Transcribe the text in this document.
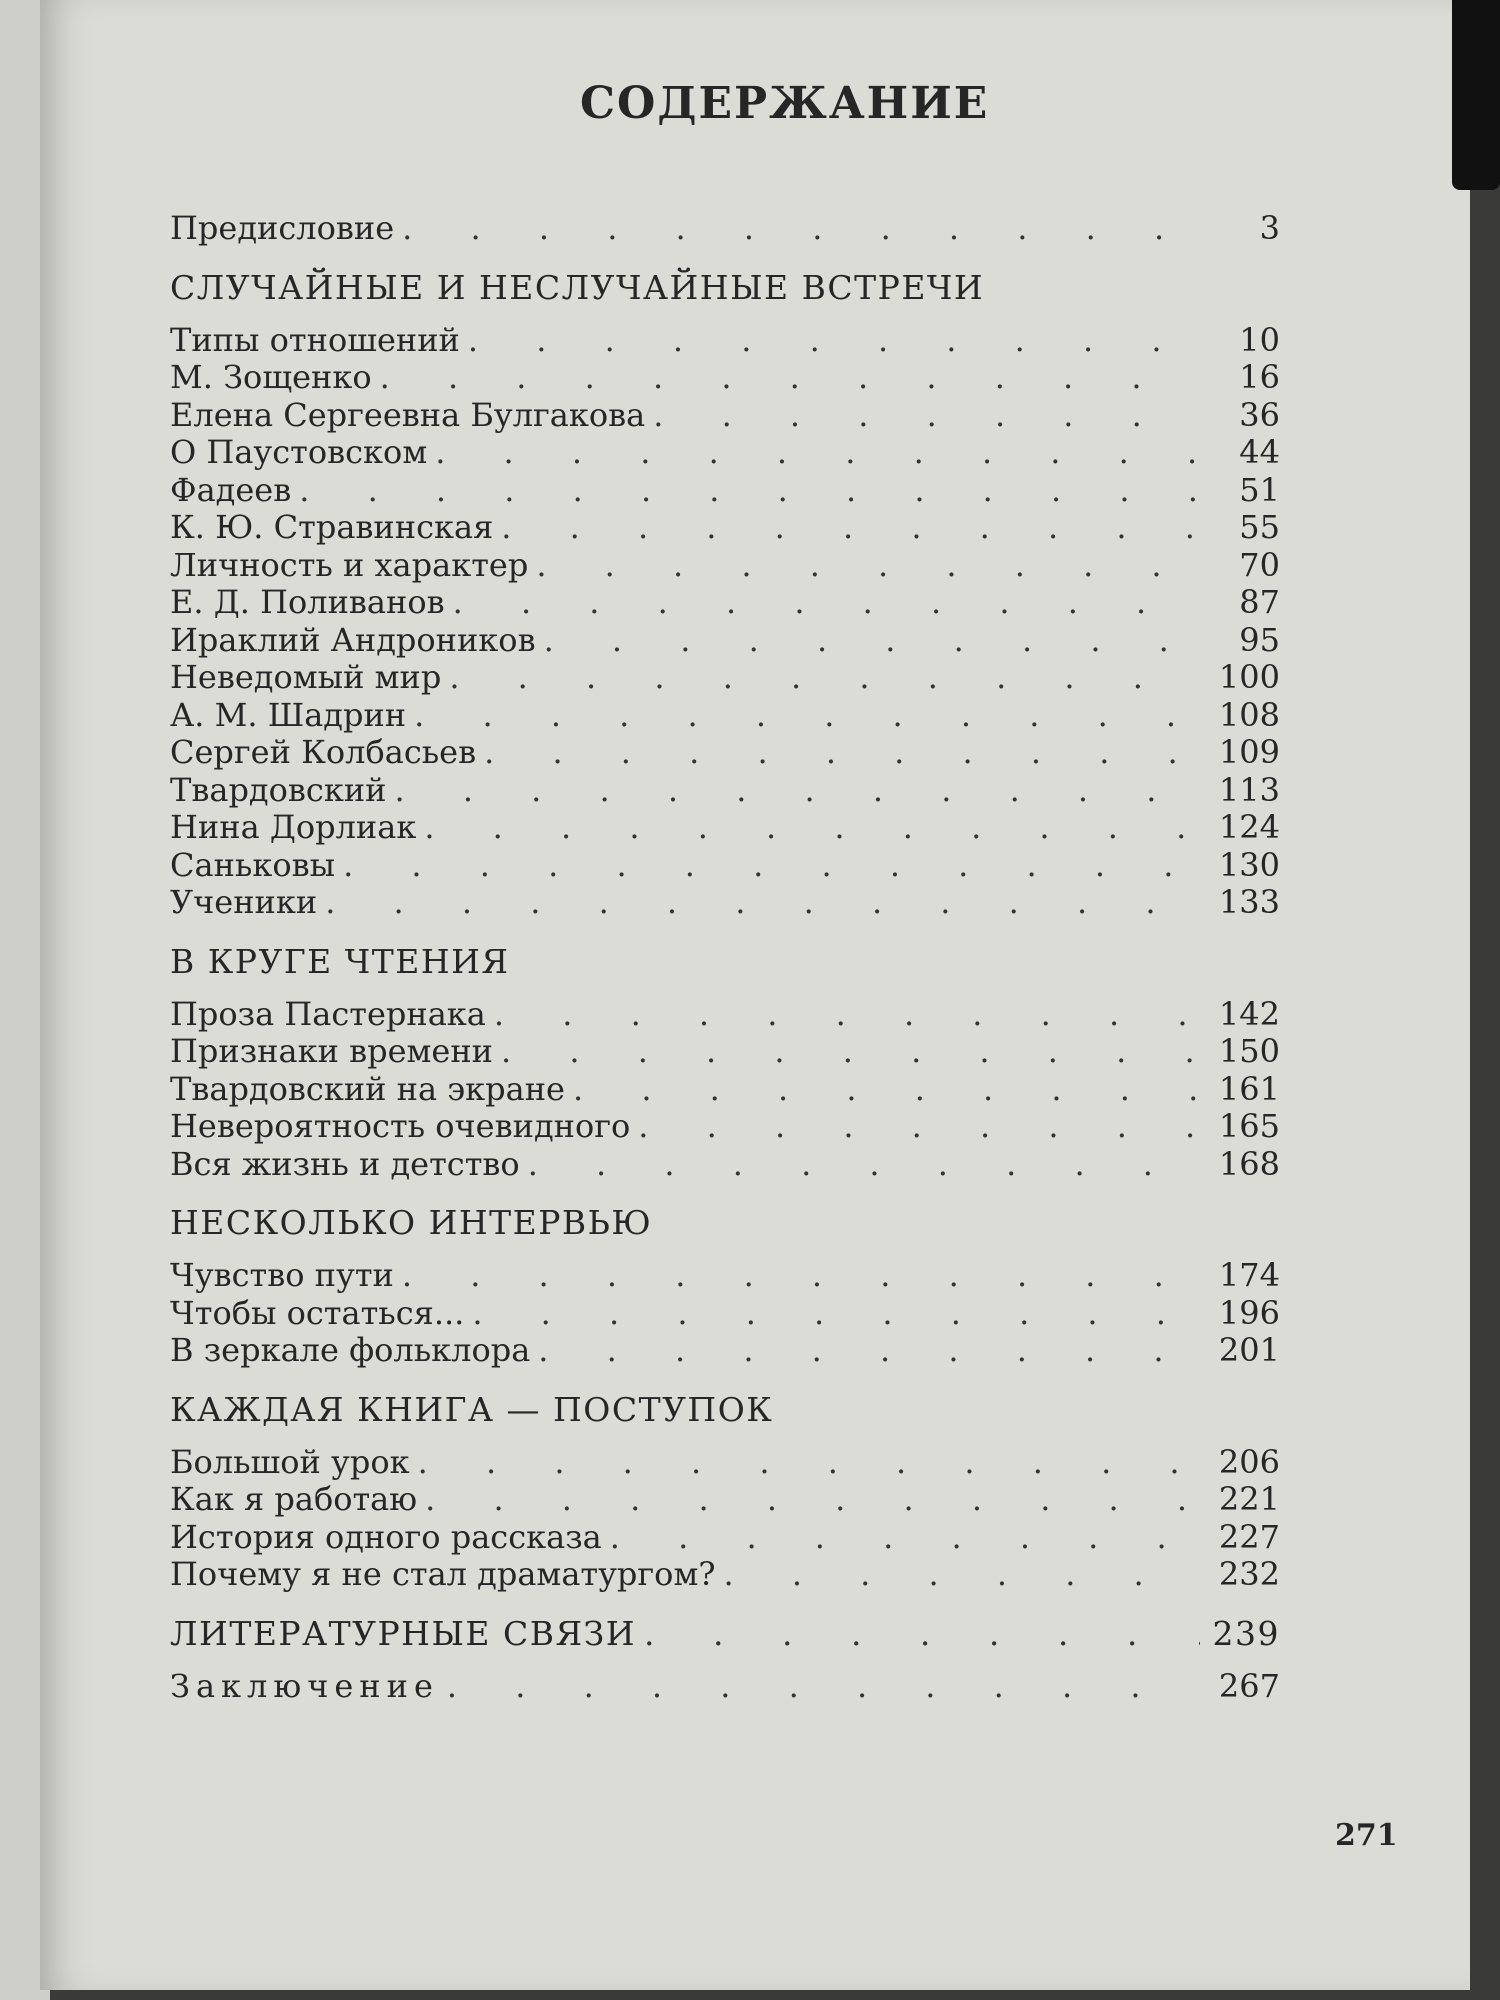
СОДЕРЖАНИЕ
Предисловие . . .	3
СЛУЧАЙНЫЕ И НЕСЛУЧАЙНЫЕ ВСТРЕЧИ
Типы отношений . . .	10
М. Зощенко . . .	16
Елена Сергеевна Булгакова . . .	36
О Паустовском . . .	44
Фадеев . . .	51
К. Ю. Стравинская . . .	55
Личность и характер . . .	70
Е. Д. Поливанов . . .	87
Ираклий Андроников . . .	95
Неведомый мир . . .	100
А. М. Шадрин . . .	108
Сергей Колбасьев . . .	109
Твардовский . . .	113
Нина Дорлиак . . .	124
Саньковы . . .	130
Ученики . . .	133
В КРУГЕ ЧТЕНИЯ
Проза Пастернака . . .	142
Признаки времени . . .	150
Твардовский на экране . . .	161
Невероятность очевидного . . .	165
Вся жизнь и детство . . .	168
НЕСКОЛЬКО ИНТЕРВЬЮ
Чувство пути . . .	174
Чтобы остаться... . . .	196
В зеркале фольклора . . .	201
КАЖДАЯ КНИГА — ПОСТУПОК
Большой урок . . .	206
Как я работаю . . .	221
История одного рассказа . . .	227
Почему я не стал драматургом? . . .	232
ЛИТЕРАТУРНЫЕ СВЯЗИ . . .	239
Заключение . . .	267
271
